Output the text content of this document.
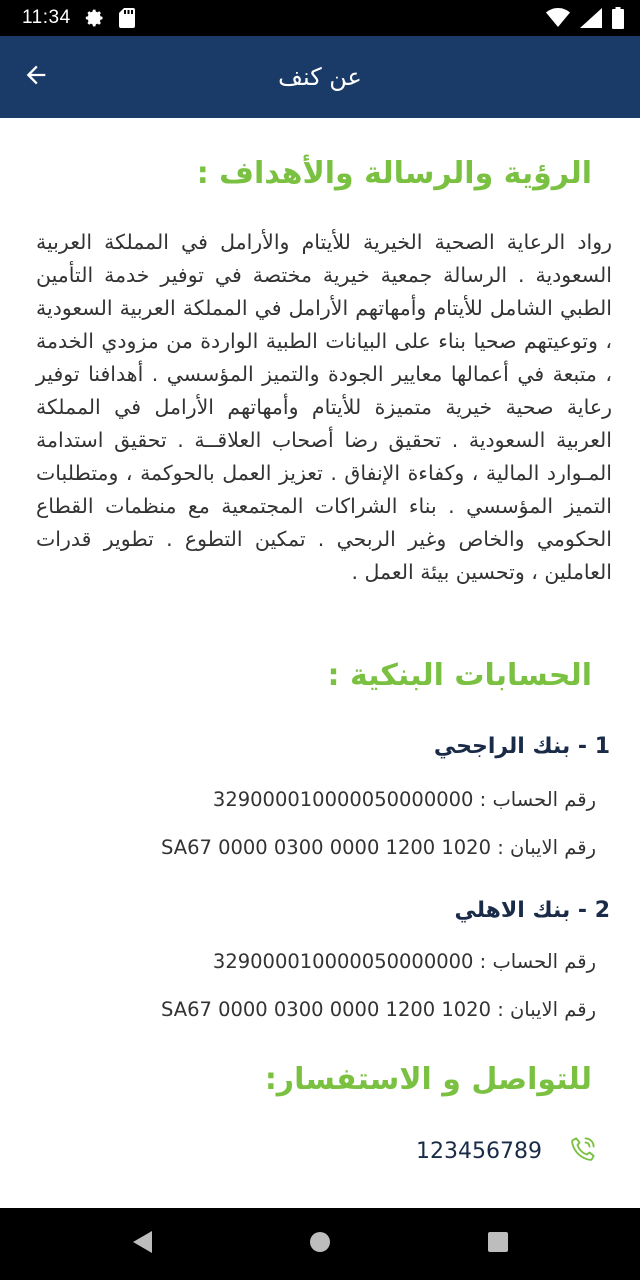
11:34
عن كنف
الرؤية والرسالة والأهداف :
رواد الرعاية الصحية الخيرية للأيتام والأرامل في المملكة العربية السعودية . الرسالة جمعية خيرية مختصة في توفير خدمة التأمين الطبي الشامل للأيتام وأمهاتهم الأرامل في المملكة العربية السعودية ، وتوعيتهم صحيا بناء على البيانات الطبية الواردة من مزودي الخدمة ، متبعة في أعمالها معايير الجودة والتميز المؤسسي . أهدافنا توفير رعاية صحية خيرية متميزة للأيتام وأمهاتهم الأرامل في المملكة العربية السعودية . تحقيق رضا أصحاب العلاقــة . تحقيق استدامة المـوارد المالية ، وكفاءة الإنفاق . تعزيز العمل بالحوكمة ، ومتطلبات التميز المؤسسي . بناء الشراكات المجتمعية مع منظمات القطاع الحكومي والخاص وغير الربحي . تمكين التطوع . تطوير قدرات العاملين ، وتحسين بيئة العمل .
الحسابات البنكية :
1 - بنك الراجحي
رقم الحساب : 329000010000050000000
رقم الايبان : SA67 0000 0300 0000 1200 1020
2 - بنك الاهلي
رقم الحساب : 329000010000050000000
رقم الايبان : SA67 0000 0300 0000 1200 1020
للتواصل و الاستفسار:
123456789
